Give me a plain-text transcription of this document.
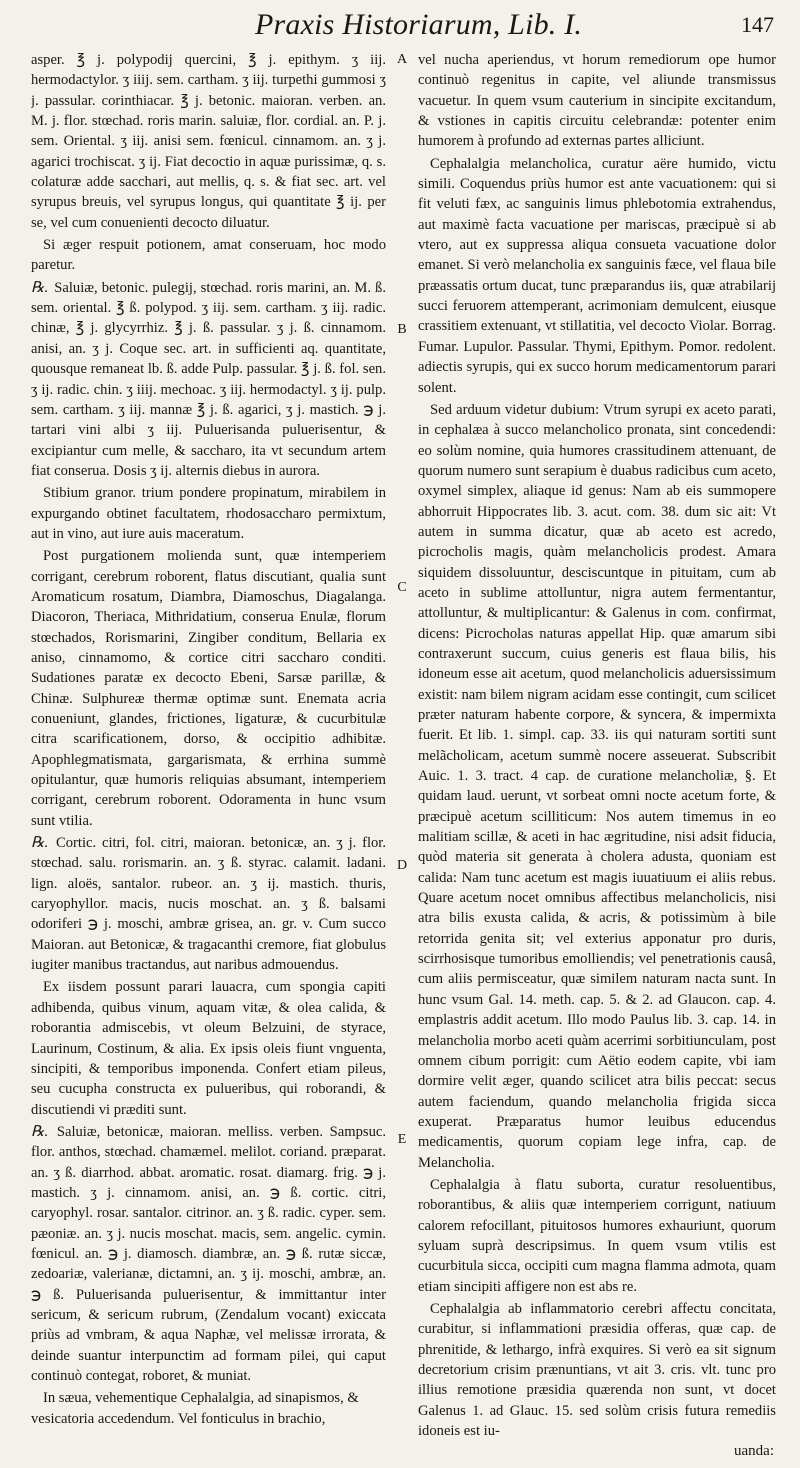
Praxis Historiarum, Lib. I.	147

asper. ℥ j. polypodij quercini, ℥ j. epithym. ʒ iij. hermodactylor. ʒ iiij. sem. cartham. ʒ iij. turpethi gummosi ʒ j. passular. corinthiacar. ℥ j. betonic. maioran. verben. an. M. j. flor. stœchad. roris marin. saluiæ, flor. cordial. an. P. j. sem. Oriental. ʒ iij. anisi sem. fœnicul. cinnamom. an. ʒ j. agarici trochiscat. ʒ ij. Fiat decoctio in aquæ purissimæ, q. s. colaturæ adde sacchari, aut mellis, q. s. & fiat sec. art. vel syrupus breuis, vel syrupus longus, qui quantitate ℥ ij. per se, vel cum conuenienti decocto diluatur.

Si æger respuit potionem, amat conseruam, hoc modo paretur.

℞. Saluiæ, betonic. pulegij, stœchad. roris marini, an. M. ß. sem. oriental. ℥ ß. polypod. ʒ iij. sem. cartham. ʒ iij. radic. chinæ, ℥ j. glycyrrhiz. ℥ j. ß. passular. ʒ j. ß. cinnamom. anisi, an. ʒ j. Coque sec. art. in sufficienti aq. quantitate, quousque remaneat lb. ß. adde Pulp. passular. ℥ j. ß. fol. sen. ʒ ij. radic. chin. ʒ iiij. mechoac. ʒ iij. hermodactyl. ʒ ij. pulp. sem. cartham. ʒ iij. mannæ ℥ j. ß. agarici, ʒ j. mastich. ℈ j. tartari vini albi ʒ iij. Puluerisanda puluerisentur, & excipiantur cum melle, & saccharo, ita vt secundum artem fiat conserua. Dosis ʒ ij. alternis diebus in aurora.

Stibium granor. trium pondere propinatum, mirabilem in expurgando obtinet facultatem, rhodosaccharo permixtum, aut in vino, aut iure auis maceratum.

Post purgationem molienda sunt, quæ intemperiem corrigant, cerebrum roborent, flatus discutiant, qualia sunt Aromaticum rosatum, Diambra, Diamoschus, Diagalanga. Diacoron, Theriaca, Mithridatium, conserua Enulæ, florum stœchados, Rorismarini, Zingiber conditum, Bellaria ex aniso, cinnamomo, & cortice citri saccharo conditi. Sudationes paratæ ex decocto Ebeni, Sarsæ parillæ, & Chinæ. Sulphureæ thermæ optimæ sunt. Enemata acria conueniunt, glandes, frictiones, ligaturæ, & cucurbitulæ citra scarificationem, dorso, & occipitio adhibitæ. Apophlegmatismata, gargarismata, & errhina summè opitulantur, quæ humoris reliquias absumant, intemperiem corrigant, cerebrum roborent. Odoramenta in hunc vsum sunt vtilia.

℞. Cortic. citri, fol. citri, maioran. betonicæ, an. ʒ j. flor. stœchad. salu. rorismarin. an. ʒ ß. styrac. calamit. ladani. lign. aloës, santalor. rubeor. an. ʒ ij. mastich. thuris, caryophyllor. macis, nucis moschat. an. ʒ ß. balsami odoriferi ℈ j. moschi, ambræ grisea, an. gr. v. Cum succo Maioran. aut Betonicæ, & tragacanthi cremore, fiat globulus iugiter manibus tractandus, aut naribus admouendus.

Ex iisdem possunt parari lauacra, cum spongia capiti adhibenda, quibus vinum, aquam vitæ, & olea calida, & roborantia admiscebis, vt oleum Belzuini, de styrace, Laurinum, Costinum, & alia. Ex ipsis oleis fiunt vnguenta, sincipiti, & temporibus imponenda. Confert etiam pileus, seu cucupha constructa ex pulueribus, qui roborandi, & discutiendi vi præditi sunt.

℞. Saluiæ, betonicæ, maioran. melliss. verben. Sampsuc. flor. anthos, stœchad. chamæmel. melilot. coriand. præparat. an. ʒ ß. diarrhod. abbat. aromatic. rosat. diamarg. frig. ℈ j. mastich. ʒ j. cinnamom. anisi, an. ℈ ß. cortic. citri, caryophyl. rosar. santalor. citrinor. an. ʒ ß. radic. cyper. sem. pæoniæ. an. ʒ j. nucis moschat. macis, sem. angelic. cymin. fœnicul. an. ℈ j. diamosch. diambræ, an. ℈ ß. rutæ siccæ, zedoariæ, valerianæ, dictamni, an. ʒ ij. moschi, ambræ, an. ℈ ß. Puluerisanda puluerisentur, & immittantur inter sericum, & sericum rubrum, (Zendalum vocant) exiccata priùs ad vmbram, & aqua Naphæ, vel melissæ irrorata, & deinde suantur interpunctim ad formam pilei, qui caput continuò contegat, roboret, & muniat.

In sæua, vehementique Cephalalgia, ad sinapismos, & vesicatoria accedendum. Vel fonticulus in brachio,

A
B
C
D
E

vel nucha aperiendus, vt horum remediorum ope humor continuò regenitus in capite, vel aliunde transmissus vacuetur. In quem vsum cauterium in sincipite excitandum, & vstiones in capitis circuitu celebrandæ: potenter enim humorem à profundo ad externas partes alliciunt.

Cephalalgia melancholica, curatur aëre humido, victu simili. Coquendus priùs humor est ante vacuationem: qui si fit veluti fæx, ac sanguinis limus phlebotomia extrahendus, aut maximè facta vacuatione per mariscas, præcipuè si ab vtero, aut ex suppressa aliqua consueta vacuatione dolor emanet. Si verò melancholia ex sanguinis fæce, vel flaua bile præassatis ortum ducat, tunc præparandus iis, quæ atrabilarij succi feruorem attemperant, acrimoniam demulcent, eiusque crassitiem extenuant, vt stillatitia, vel decocto Violar. Borrag. Fumar. Lupulor. Passular. Thymi, Epithym. Pomor. redolent. adiectis syrupis, qui ex succo horum medicamentorum parari solent.

Sed arduum videtur dubium: Vtrum syrupi ex aceto parati, in cephalæa à succo melancholico pronata, sint concedendi: eo solùm nomine, quia humores crassitudinem attenuant, de quorum numero sunt serapium è duabus radicibus cum aceto, oxymel simplex, aliaque id genus: Nam ab eis summopere abhorruit Hippocrates lib. 3. acut. com. 38. dum sic ait: Vt autem in summa dicatur, quæ ab aceto est acredo, picrocholis magis, quàm melancholicis prodest. Amara siquidem dissoluuntur, desciscuntque in pituitam, cum ab aceto in sublime attolluntur, nigra autem fermentantur, attolluntur, & multiplicantur: & Galenus in com. confirmat, dicens: Picrocholas naturas appellat Hip. quæ amarum sibi contraxerunt succum, cuius generis est flaua bilis, his idoneum esse ait acetum, quod melancholicis aduersissimum existit: nam bilem nigram acidam esse contingit, cum scilicet præter naturam habente corpore, & syncera, & impermixta fuerit. Et lib. 1. simpl. cap. 33. iis qui naturam sortiti sunt melãcholicam, acetum summè nocere asseuerat. Subscribit Auic. 1. 3. tract. 4 cap. de curatione melancholiæ, §. Et quidam laud. uerunt, vt sorbeat omni nocte acetum forte, & præcipuè acetum scilliticum: Nos autem timemus in eo malitiam scillæ, & aceti in hac ægritudine, nisi adsit fiducia, quòd materia sit generata à cholera adusta, quoniam est calida: Nam tunc acetum est magis iuuatiuum ei aliis rebus. Quare acetum nocet omnibus affectibus melancholicis, nisi atra bilis exusta calida, & acris, & potissimùm à bile retorrida genita sit; vel exterius apponatur pro duris, scirrhosisque tumoribus emolliendis; vel penetrationis causâ, cum aliis permisceatur, quæ similem naturam nacta sunt. In hunc vsum Gal. 14. meth. cap. 5. & 2. ad Glaucon. cap. 4. emplastris addit acetum. Illo modo Paulus lib. 3. cap. 14. in melancholia morbo aceti quàm acerrimi sorbitiunculam, post omnem cibum porrigit: cum Aëtio eodem capite, vbi iam dormire velit æger, quando scilicet atra bilis peccat: secus autem faciendum, quando melancholia frigida sicca exuperat. Præparatus humor leuibus educendus medicamentis, quorum copiam lege infra, cap. de Melancholia.

Cephalalgia à flatu suborta, curatur resoluentibus, roborantibus, & aliis quæ intemperiem corrigunt, natiuum calorem refocillant, pituitosos humores exhauriunt, quorum syluam suprà descripsimus. In quem vsum vtilis est cucurbitula sicca, occipiti cum magna flamma admota, quam etiam sincipiti affigere non est abs re.

Cephalalgia ab inflammatorio cerebri affectu concitata, curabitur, si inflammationi præsidia offeras, quæ cap. de phrenitide, & lethargo, infrà exquires. Si verò ea sit signum decretorium crisim prænuntians, vt ait 3. cris. vlt. tunc pro illius remotione præsidia quærenda non sunt, vt docet Galenus 1. ad Glauc. 15. sed solùm crisis futura remediis idoneis est iu-

uanda:
